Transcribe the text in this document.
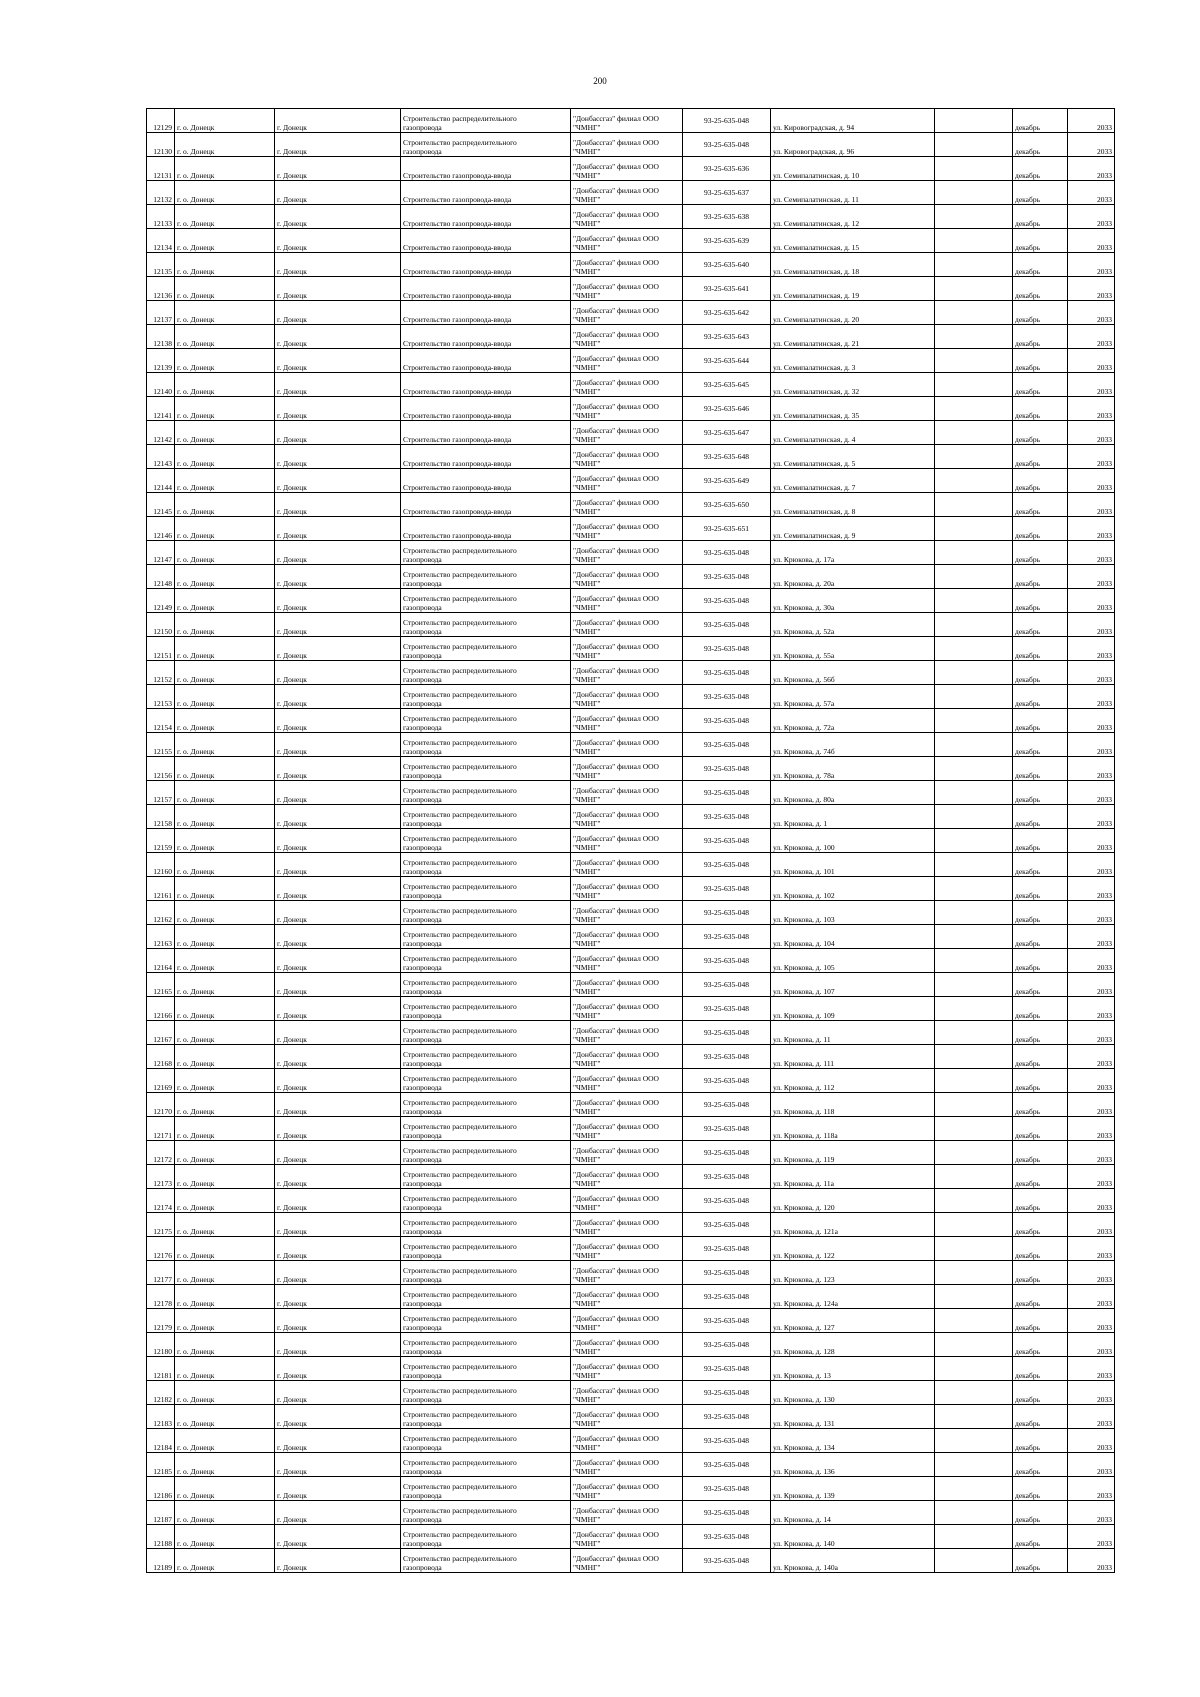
200
12129	г. о. Донецк	г. Донецк	Строительство распределительного
газопровода	"Донбассгаз" филиал ООО
"ЧМНГ"	93-25-635-048	ул. Кировоградская, д. 94		декабрь	2033
12130	г. о. Донецк	г. Донецк	Строительство распределительного
газопровода	"Донбассгаз" филиал ООО
"ЧМНГ"	93-25-635-048	ул. Кировоградская, д. 96		декабрь	2033
12131	г. о. Донецк	г. Донецк	Строительство газопровода-ввода	"Донбассгаз" филиал ООО
"ЧМНГ"	93-25-635-636	ул. Семипалатинская, д. 10		декабрь	2033
12132	г. о. Донецк	г. Донецк	Строительство газопровода-ввода	"Донбассгаз" филиал ООО
"ЧМНГ"	93-25-635-637	ул. Семипалатинская, д. 11		декабрь	2033
12133	г. о. Донецк	г. Донецк	Строительство газопровода-ввода	"Донбассгаз" филиал ООО
"ЧМНГ"	93-25-635-638	ул. Семипалатинская, д. 12		декабрь	2033
12134	г. о. Донецк	г. Донецк	Строительство газопровода-ввода	"Донбассгаз" филиал ООО
"ЧМНГ"	93-25-635-639	ул. Семипалатинская, д. 15		декабрь	2033
12135	г. о. Донецк	г. Донецк	Строительство газопровода-ввода	"Донбассгаз" филиал ООО
"ЧМНГ"	93-25-635-640	ул. Семипалатинская, д. 18		декабрь	2033
12136	г. о. Донецк	г. Донецк	Строительство газопровода-ввода	"Донбассгаз" филиал ООО
"ЧМНГ"	93-25-635-641	ул. Семипалатинская, д. 19		декабрь	2033
12137	г. о. Донецк	г. Донецк	Строительство газопровода-ввода	"Донбассгаз" филиал ООО
"ЧМНГ"	93-25-635-642	ул. Семипалатинская, д. 20		декабрь	2033
12138	г. о. Донецк	г. Донецк	Строительство газопровода-ввода	"Донбассгаз" филиал ООО
"ЧМНГ"	93-25-635-643	ул. Семипалатинская, д. 21		декабрь	2033
12139	г. о. Донецк	г. Донецк	Строительство газопровода-ввода	"Донбассгаз" филиал ООО
"ЧМНГ"	93-25-635-644	ул. Семипалатинская, д. 3		декабрь	2033
12140	г. о. Донецк	г. Донецк	Строительство газопровода-ввода	"Донбассгаз" филиал ООО
"ЧМНГ"	93-25-635-645	ул. Семипалатинская, д. 32		декабрь	2033
12141	г. о. Донецк	г. Донецк	Строительство газопровода-ввода	"Донбассгаз" филиал ООО
"ЧМНГ"	93-25-635-646	ул. Семипалатинская, д. 35		декабрь	2033
12142	г. о. Донецк	г. Донецк	Строительство газопровода-ввода	"Донбассгаз" филиал ООО
"ЧМНГ"	93-25-635-647	ул. Семипалатинская, д. 4		декабрь	2033
12143	г. о. Донецк	г. Донецк	Строительство газопровода-ввода	"Донбассгаз" филиал ООО
"ЧМНГ"	93-25-635-648	ул. Семипалатинская, д. 5		декабрь	2033
12144	г. о. Донецк	г. Донецк	Строительство газопровода-ввода	"Донбассгаз" филиал ООО
"ЧМНГ"	93-25-635-649	ул. Семипалатинская, д. 7		декабрь	2033
12145	г. о. Донецк	г. Донецк	Строительство газопровода-ввода	"Донбассгаз" филиал ООО
"ЧМНГ"	93-25-635-650	ул. Семипалатинская, д. 8		декабрь	2033
12146	г. о. Донецк	г. Донецк	Строительство газопровода-ввода	"Донбассгаз" филиал ООО
"ЧМНГ"	93-25-635-651	ул. Семипалатинская, д. 9		декабрь	2033
12147	г. о. Донецк	г. Донецк	Строительство распределительного
газопровода	"Донбассгаз" филиал ООО
"ЧМНГ"	93-25-635-048	ул. Крюкова, д. 17а		декабрь	2033
12148	г. о. Донецк	г. Донецк	Строительство распределительного
газопровода	"Донбассгаз" филиал ООО
"ЧМНГ"	93-25-635-048	ул. Крюкова, д. 20а		декабрь	2033
12149	г. о. Донецк	г. Донецк	Строительство распределительного
газопровода	"Донбассгаз" филиал ООО
"ЧМНГ"	93-25-635-048	ул. Крюкова, д. 30а		декабрь	2033
12150	г. о. Донецк	г. Донецк	Строительство распределительного
газопровода	"Донбассгаз" филиал ООО
"ЧМНГ"	93-25-635-048	ул. Крюкова, д. 52а		декабрь	2033
12151	г. о. Донецк	г. Донецк	Строительство распределительного
газопровода	"Донбассгаз" филиал ООО
"ЧМНГ"	93-25-635-048	ул. Крюкова, д. 55а		декабрь	2033
12152	г. о. Донецк	г. Донецк	Строительство распределительного
газопровода	"Донбассгаз" филиал ООО
"ЧМНГ"	93-25-635-048	ул. Крюкова, д. 56б		декабрь	2033
12153	г. о. Донецк	г. Донецк	Строительство распределительного
газопровода	"Донбассгаз" филиал ООО
"ЧМНГ"	93-25-635-048	ул. Крюкова, д. 57а		декабрь	2033
12154	г. о. Донецк	г. Донецк	Строительство распределительного
газопровода	"Донбассгаз" филиал ООО
"ЧМНГ"	93-25-635-048	ул. Крюкова, д. 72а		декабрь	2033
12155	г. о. Донецк	г. Донецк	Строительство распределительного
газопровода	"Донбассгаз" филиал ООО
"ЧМНГ"	93-25-635-048	ул. Крюкова, д. 74б		декабрь	2033
12156	г. о. Донецк	г. Донецк	Строительство распределительного
газопровода	"Донбассгаз" филиал ООО
"ЧМНГ"	93-25-635-048	ул. Крюкова, д. 78а		декабрь	2033
12157	г. о. Донецк	г. Донецк	Строительство распределительного
газопровода	"Донбассгаз" филиал ООО
"ЧМНГ"	93-25-635-048	ул. Крюкова, д. 80а		декабрь	2033
12158	г. о. Донецк	г. Донецк	Строительство распределительного
газопровода	"Донбассгаз" филиал ООО
"ЧМНГ"	93-25-635-048	ул. Крюкова, д. 1		декабрь	2033
12159	г. о. Донецк	г. Донецк	Строительство распределительного
газопровода	"Донбассгаз" филиал ООО
"ЧМНГ"	93-25-635-048	ул. Крюкова, д. 100		декабрь	2033
12160	г. о. Донецк	г. Донецк	Строительство распределительного
газопровода	"Донбассгаз" филиал ООО
"ЧМНГ"	93-25-635-048	ул. Крюкова, д. 101		декабрь	2033
12161	г. о. Донецк	г. Донецк	Строительство распределительного
газопровода	"Донбассгаз" филиал ООО
"ЧМНГ"	93-25-635-048	ул. Крюкова, д. 102		декабрь	2033
12162	г. о. Донецк	г. Донецк	Строительство распределительного
газопровода	"Донбассгаз" филиал ООО
"ЧМНГ"	93-25-635-048	ул. Крюкова, д. 103		декабрь	2033
12163	г. о. Донецк	г. Донецк	Строительство распределительного
газопровода	"Донбассгаз" филиал ООО
"ЧМНГ"	93-25-635-048	ул. Крюкова, д. 104		декабрь	2033
12164	г. о. Донецк	г. Донецк	Строительство распределительного
газопровода	"Донбассгаз" филиал ООО
"ЧМНГ"	93-25-635-048	ул. Крюкова, д. 105		декабрь	2033
12165	г. о. Донецк	г. Донецк	Строительство распределительного
газопровода	"Донбассгаз" филиал ООО
"ЧМНГ"	93-25-635-048	ул. Крюкова, д. 107		декабрь	2033
12166	г. о. Донецк	г. Донецк	Строительство распределительного
газопровода	"Донбассгаз" филиал ООО
"ЧМНГ"	93-25-635-048	ул. Крюкова, д. 109		декабрь	2033
12167	г. о. Донецк	г. Донецк	Строительство распределительного
газопровода	"Донбассгаз" филиал ООО
"ЧМНГ"	93-25-635-048	ул. Крюкова, д. 11		декабрь	2033
12168	г. о. Донецк	г. Донецк	Строительство распределительного
газопровода	"Донбассгаз" филиал ООО
"ЧМНГ"	93-25-635-048	ул. Крюкова, д. 111		декабрь	2033
12169	г. о. Донецк	г. Донецк	Строительство распределительного
газопровода	"Донбассгаз" филиал ООО
"ЧМНГ"	93-25-635-048	ул. Крюкова, д. 112		декабрь	2033
12170	г. о. Донецк	г. Донецк	Строительство распределительного
газопровода	"Донбассгаз" филиал ООО
"ЧМНГ"	93-25-635-048	ул. Крюкова, д. 118		декабрь	2033
12171	г. о. Донецк	г. Донецк	Строительство распределительного
газопровода	"Донбассгаз" филиал ООО
"ЧМНГ"	93-25-635-048	ул. Крюкова, д. 118а		декабрь	2033
12172	г. о. Донецк	г. Донецк	Строительство распределительного
газопровода	"Донбассгаз" филиал ООО
"ЧМНГ"	93-25-635-048	ул. Крюкова, д. 119		декабрь	2033
12173	г. о. Донецк	г. Донецк	Строительство распределительного
газопровода	"Донбассгаз" филиал ООО
"ЧМНГ"	93-25-635-048	ул. Крюкова, д. 11а		декабрь	2033
12174	г. о. Донецк	г. Донецк	Строительство распределительного
газопровода	"Донбассгаз" филиал ООО
"ЧМНГ"	93-25-635-048	ул. Крюкова, д. 120		декабрь	2033
12175	г. о. Донецк	г. Донецк	Строительство распределительного
газопровода	"Донбассгаз" филиал ООО
"ЧМНГ"	93-25-635-048	ул. Крюкова, д. 121а		декабрь	2033
12176	г. о. Донецк	г. Донецк	Строительство распределительного
газопровода	"Донбассгаз" филиал ООО
"ЧМНГ"	93-25-635-048	ул. Крюкова, д. 122		декабрь	2033
12177	г. о. Донецк	г. Донецк	Строительство распределительного
газопровода	"Донбассгаз" филиал ООО
"ЧМНГ"	93-25-635-048	ул. Крюкова, д. 123		декабрь	2033
12178	г. о. Донецк	г. Донецк	Строительство распределительного
газопровода	"Донбассгаз" филиал ООО
"ЧМНГ"	93-25-635-048	ул. Крюкова, д. 124а		декабрь	2033
12179	г. о. Донецк	г. Донецк	Строительство распределительного
газопровода	"Донбассгаз" филиал ООО
"ЧМНГ"	93-25-635-048	ул. Крюкова, д. 127		декабрь	2033
12180	г. о. Донецк	г. Донецк	Строительство распределительного
газопровода	"Донбассгаз" филиал ООО
"ЧМНГ"	93-25-635-048	ул. Крюкова, д. 128		декабрь	2033
12181	г. о. Донецк	г. Донецк	Строительство распределительного
газопровода	"Донбассгаз" филиал ООО
"ЧМНГ"	93-25-635-048	ул. Крюкова, д. 13		декабрь	2033
12182	г. о. Донецк	г. Донецк	Строительство распределительного
газопровода	"Донбассгаз" филиал ООО
"ЧМНГ"	93-25-635-048	ул. Крюкова, д. 130		декабрь	2033
12183	г. о. Донецк	г. Донецк	Строительство распределительного
газопровода	"Донбассгаз" филиал ООО
"ЧМНГ"	93-25-635-048	ул. Крюкова, д. 131		декабрь	2033
12184	г. о. Донецк	г. Донецк	Строительство распределительного
газопровода	"Донбассгаз" филиал ООО
"ЧМНГ"	93-25-635-048	ул. Крюкова, д. 134		декабрь	2033
12185	г. о. Донецк	г. Донецк	Строительство распределительного
газопровода	"Донбассгаз" филиал ООО
"ЧМНГ"	93-25-635-048	ул. Крюкова, д. 136		декабрь	2033
12186	г. о. Донецк	г. Донецк	Строительство распределительного
газопровода	"Донбассгаз" филиал ООО
"ЧМНГ"	93-25-635-048	ул. Крюкова, д. 139		декабрь	2033
12187	г. о. Донецк	г. Донецк	Строительство распределительного
газопровода	"Донбассгаз" филиал ООО
"ЧМНГ"	93-25-635-048	ул. Крюкова, д. 14		декабрь	2033
12188	г. о. Донецк	г. Донецк	Строительство распределительного
газопровода	"Донбассгаз" филиал ООО
"ЧМНГ"	93-25-635-048	ул. Крюкова, д. 140		декабрь	2033
12189	г. о. Донецк	г. Донецк	Строительство распределительного
газопровода	"Донбассгаз" филиал ООО
"ЧМНГ"	93-25-635-048	ул. Крюкова, д. 140а		декабрь	2033
